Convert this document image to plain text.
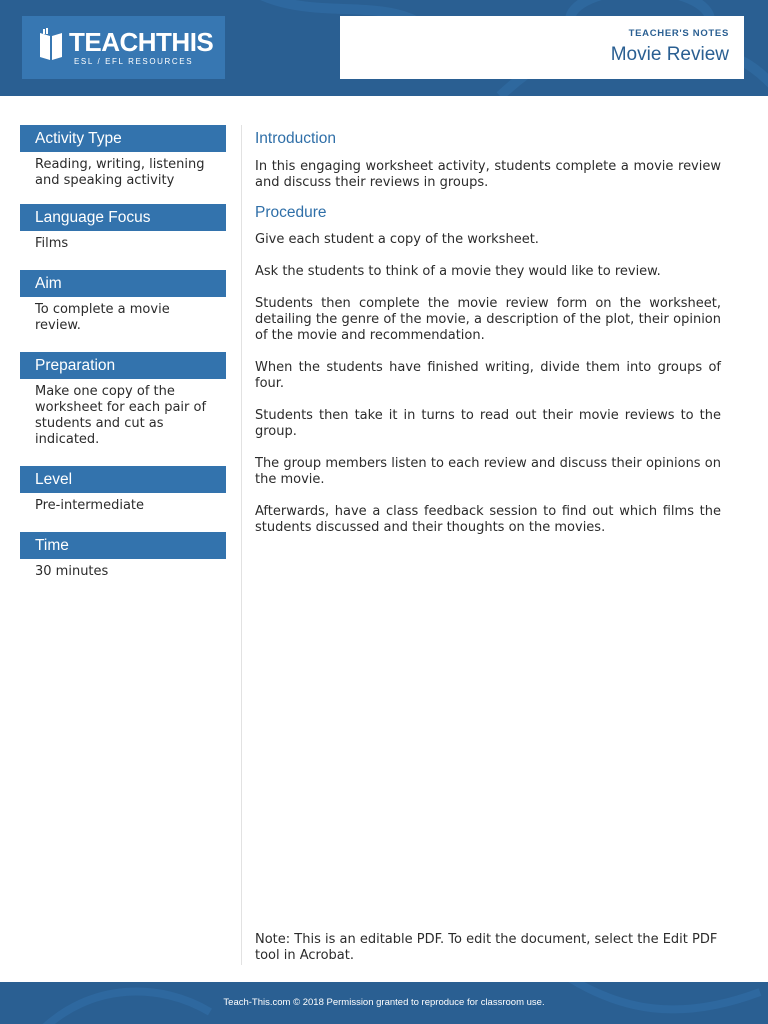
TEACHTHIS
ESL / EFL RESOURCES
TEACHER'S NOTES
Movie Review
Activity Type
Reading, writing, listening and speaking activity
Language Focus
Films
Aim
To complete a movie review.
Preparation
Make one copy of the worksheet for each pair of students and cut as indicated.
Level
Pre-intermediate
Time
30 minutes
Introduction

In this engaging worksheet activity, students complete a movie review and discuss their reviews in groups.

Procedure

Give each student a copy of the worksheet.

Ask the students to think of a movie they would like to review.

Students then complete the movie review form on the worksheet, detailing the genre of the movie, a description of the plot, their opinion of the movie and recommendation.

When the students have finished writing, divide them into groups of four.

Students then take it in turns to read out their movie reviews to the group.

The group members listen to each review and discuss their opinions on the movie.

Afterwards, have a class feedback session to find out which films the students discussed and their thoughts on the movies.

Note: This is an editable PDF. To edit the document, select the Edit PDF tool in Acrobat.
Teach-This.com © 2018 Permission granted to reproduce for classroom use.
